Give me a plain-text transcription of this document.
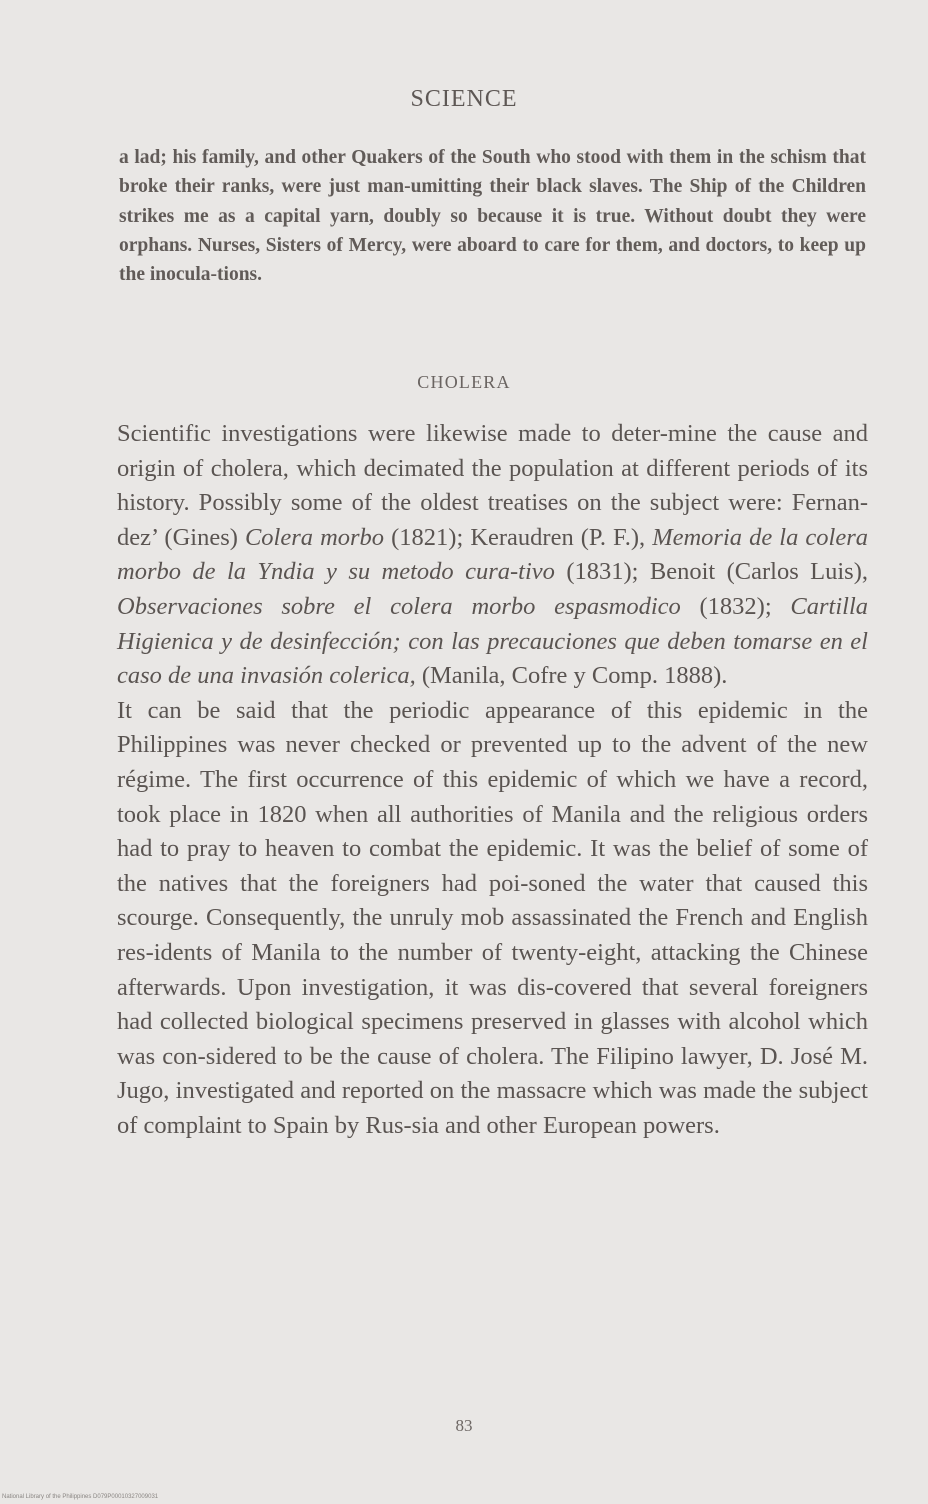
SCIENCE

a lad; his family, and other Quakers of the South who stood with them in the schism that broke their ranks, were just man-umitting their black slaves. The Ship of the Children strikes me as a capital yarn, doubly so because it is true. Without doubt they were orphans. Nurses, Sisters of Mercy, were aboard to care for them, and doctors, to keep up the inocula-tions.

CHOLERA

Scientific investigations were likewise made to deter-mine the cause and origin of cholera, which decimated the population at different periods of its history. Possibly some of the oldest treatises on the subject were: Fernan-dez’ (Gines) Colera morbo (1821); Keraudren (P. F.), Memoria de la colera morbo de la Yndia y su metodo cura-tivo (1831); Benoit (Carlos Luis), Observaciones sobre el colera morbo espasmodico (1832); Cartilla Higienica y de desinfección; con las precauciones que deben tomarse en el caso de una invasión colerica, (Manila, Cofre y Comp. 1888).

It can be said that the periodic appearance of this epidemic in the Philippines was never checked or prevented up to the advent of the new régime. The first occurrence of this epidemic of which we have a record, took place in 1820 when all authorities of Manila and the religious orders had to pray to heaven to combat the epidemic. It was the belief of some of the natives that the foreigners had poi-soned the water that caused this scourge. Consequently, the unruly mob assassinated the French and English res-idents of Manila to the number of twenty-eight, attacking the Chinese afterwards. Upon investigation, it was dis-covered that several foreigners had collected biological specimens preserved in glasses with alcohol which was con-sidered to be the cause of cholera. The Filipino lawyer, D. José M. Jugo, investigated and reported on the massacre which was made the subject of complaint to Spain by Rus-sia and other European powers.

83
National Library of the Philippines D079P00010327009031
